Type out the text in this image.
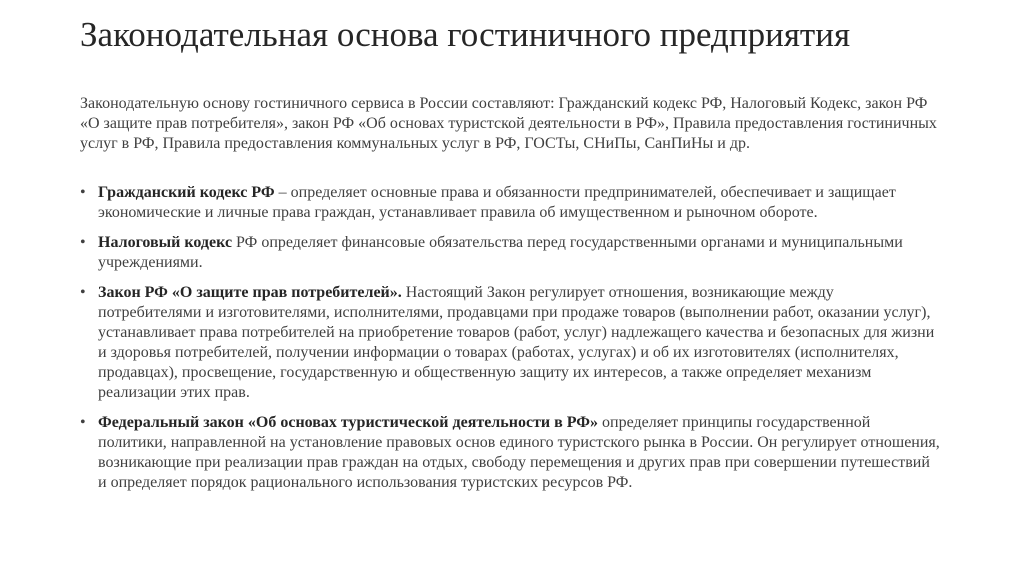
Законодательная основа гостиничного предприятия

Законодательную основу гостиничного сервиса в России составляют: Гражданский кодекс РФ, Налоговый Кодекс, закон РФ «О защите прав потребителя», закон РФ «Об основах туристской деятельности в РФ», Правила предоставления гостиничных услуг в РФ, Правила предоставления коммунальных услуг в РФ, ГОСТы, СНиПы, СанПиНы и др.

• Гражданский кодекс РФ – определяет основные права и обязанности предпринимателей, обеспечивает и защищает экономические и личные права граждан, устанавливает правила об имущественном и рыночном обороте.
• Налоговый кодекс РФ определяет финансовые обязательства перед государственными органами и муниципальными учреждениями.
• Закон РФ «О защите прав потребителей». Настоящий Закон регулирует отношения, возникающие между потребителями и изготовителями, исполнителями, продавцами при продаже товаров (выполнении работ, оказании услуг), устанавливает права потребителей на приобретение товаров (работ, услуг) надлежащего качества и безопасных для жизни и здоровья потребителей, получении информации о товарах (работах, услугах) и об их изготовителях (исполнителях, продавцах), просвещение, государственную и общественную защиту их интересов, а также определяет механизм реализации этих прав.
• Федеральный закон «Об основах туристической деятельности в РФ» определяет принципы государственной политики, направленной на установление правовых основ единого туристского рынка в России. Он регулирует отношения, возникающие при реализации прав граждан на отдых, свободу перемещения и других прав при совершении путешествий и определяет порядок рационального использования туристских ресурсов РФ.
